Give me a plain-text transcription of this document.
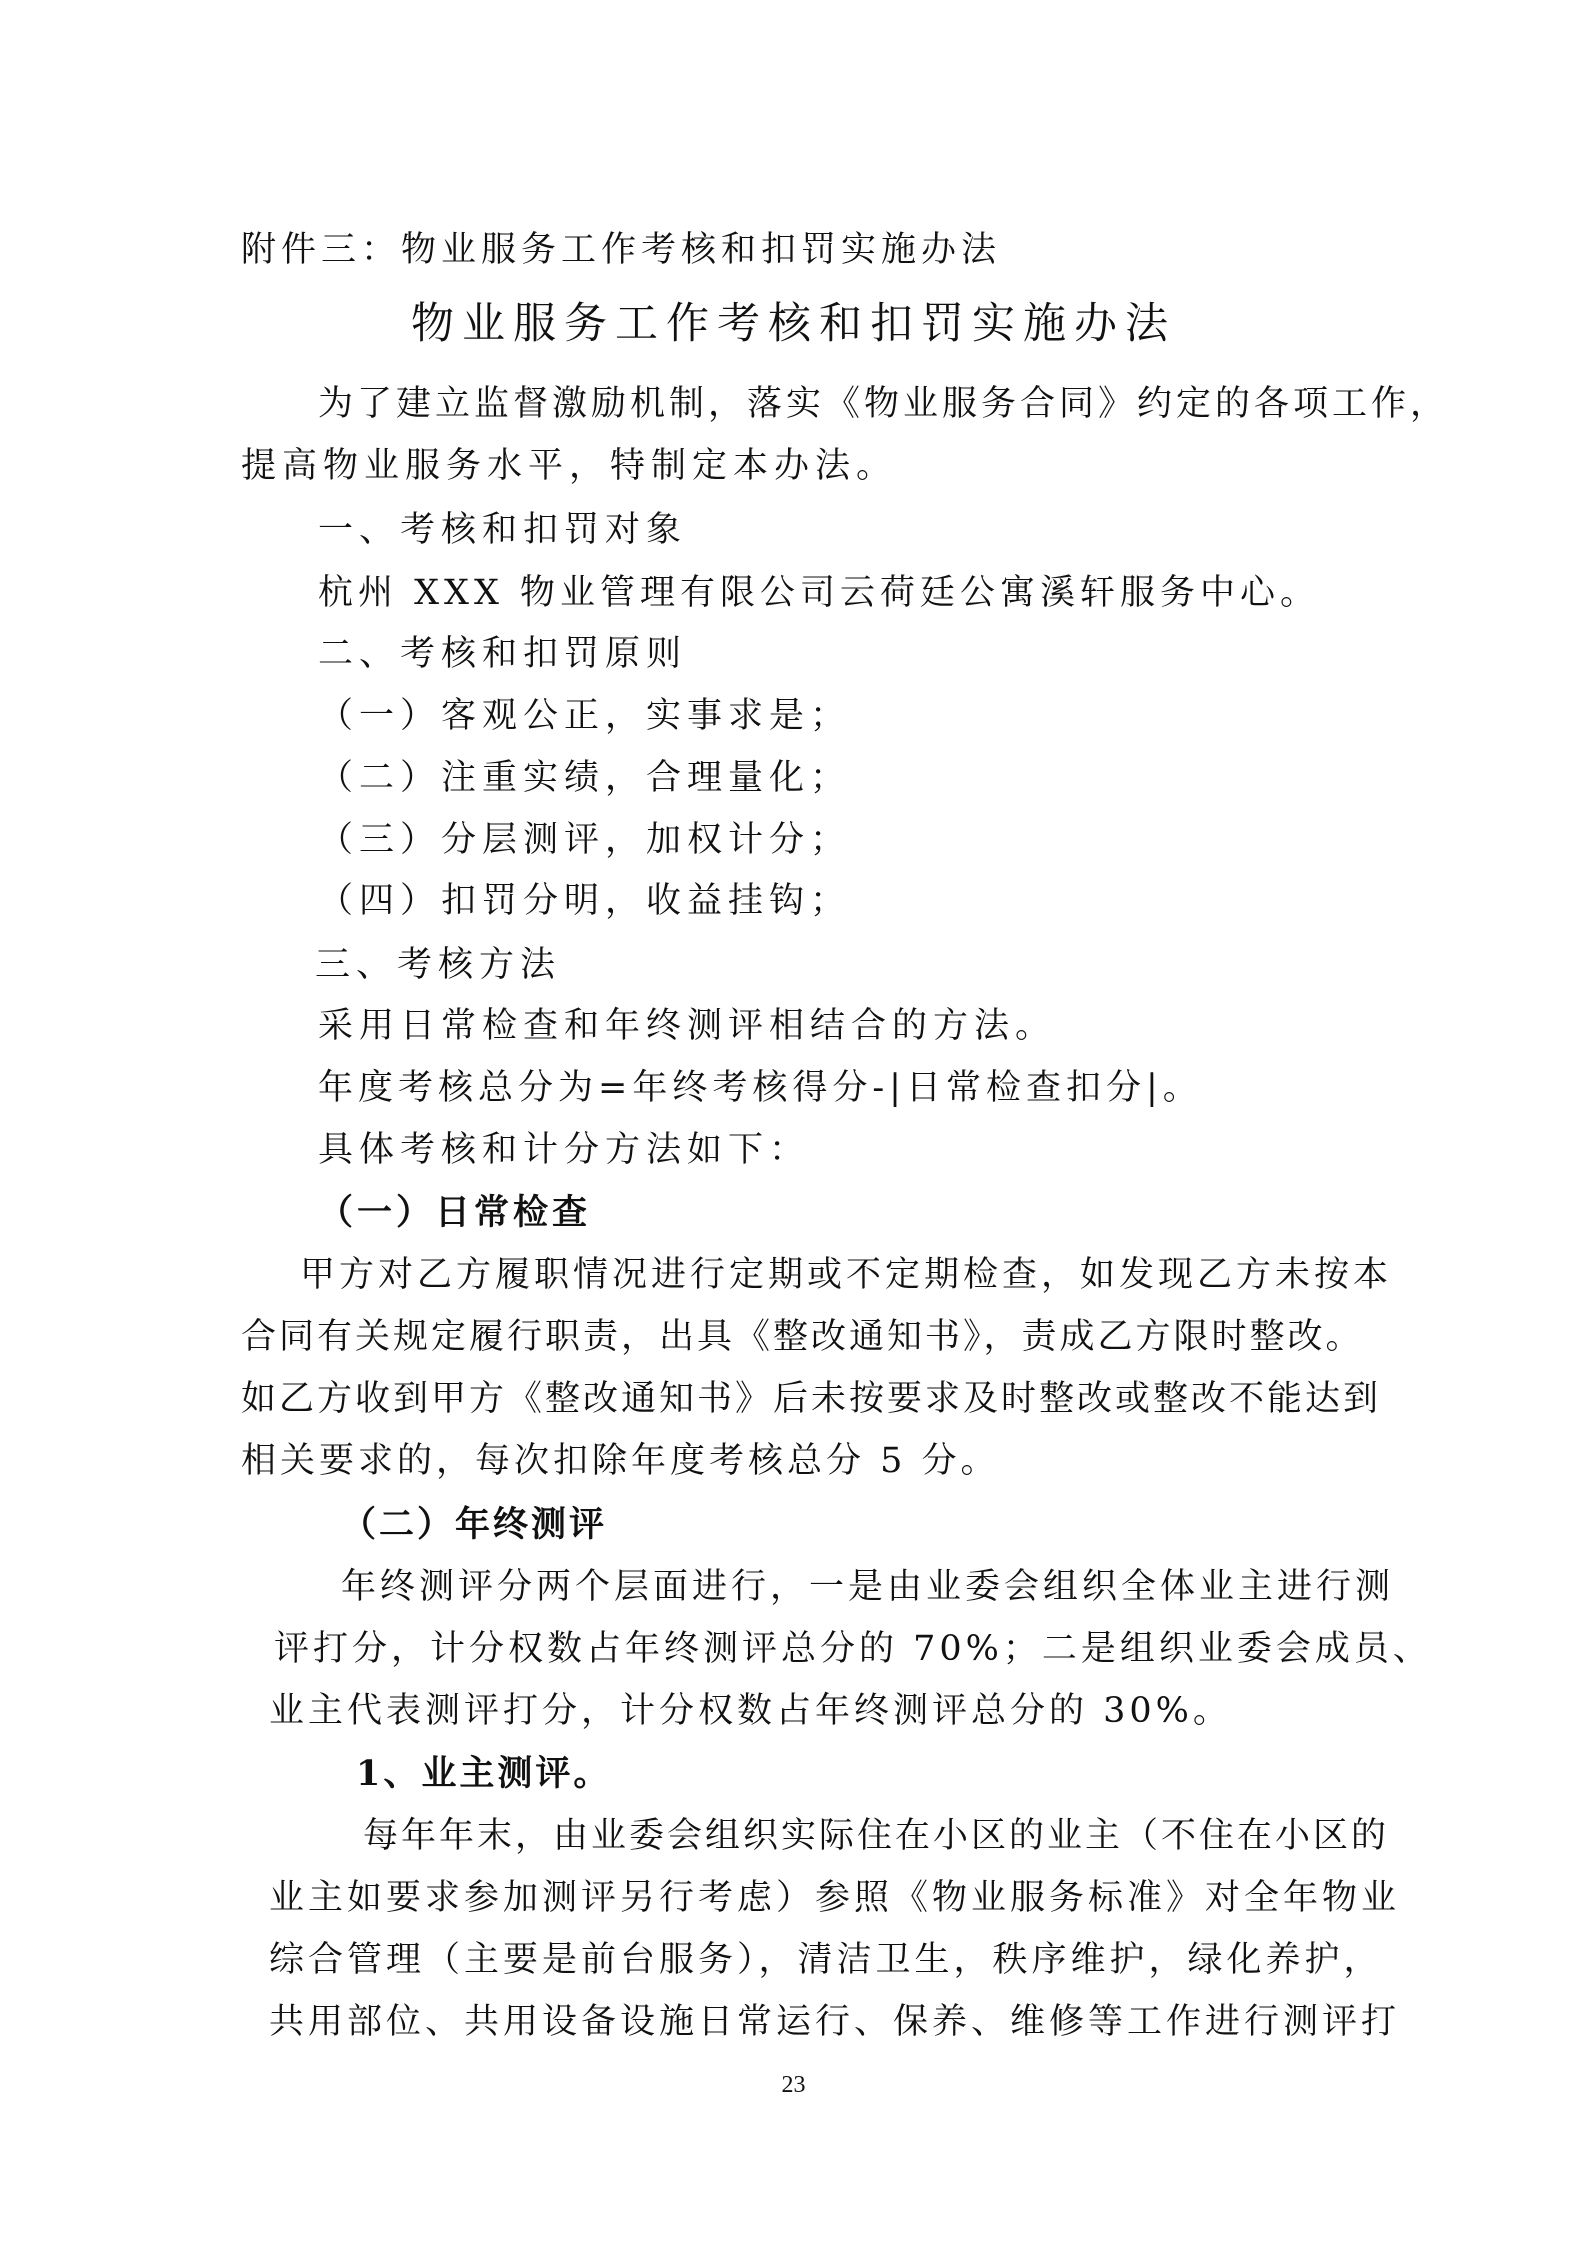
附件三：物业服务工作考核和扣罚实施办法
物业服务工作考核和扣罚实施办法
为了建立监督激励机制，落实《物业服务合同》约定的各项工作，
提高物业服务水平，特制定本办法。
一、考核和扣罚对象
杭州 XXX 物业管理有限公司云荷廷公寓溪轩服务中心。
二、考核和扣罚原则
（一）客观公正，实事求是；
（二）注重实绩，合理量化；
（三）分层测评，加权计分；
（四）扣罚分明，收益挂钩；
三、考核方法
采用日常检查和年终测评相结合的方法。
年度考核总分为=年终考核得分-|日常检查扣分|。
具体考核和计分方法如下：
（一）日常检查
甲方对乙方履职情况进行定期或不定期检查，如发现乙方未按本
合同有关规定履行职责，出具《整改通知书》，责成乙方限时整改。
如乙方收到甲方《整改通知书》后未按要求及时整改或整改不能达到
相关要求的，每次扣除年度考核总分 5 分。
（二）年终测评
年终测评分两个层面进行，一是由业委会组织全体业主进行测
评打分，计分权数占年终测评总分的 70%；二是组织业委会成员、
业主代表测评打分，计分权数占年终测评总分的 30%。
1、业主测评。
每年年末，由业委会组织实际住在小区的业主（不住在小区的
业主如要求参加测评另行考虑）参照《物业服务标准》对全年物业
综合管理（主要是前台服务），清洁卫生，秩序维护，绿化养护，
共用部位、共用设备设施日常运行、保养、维修等工作进行测评打
23
